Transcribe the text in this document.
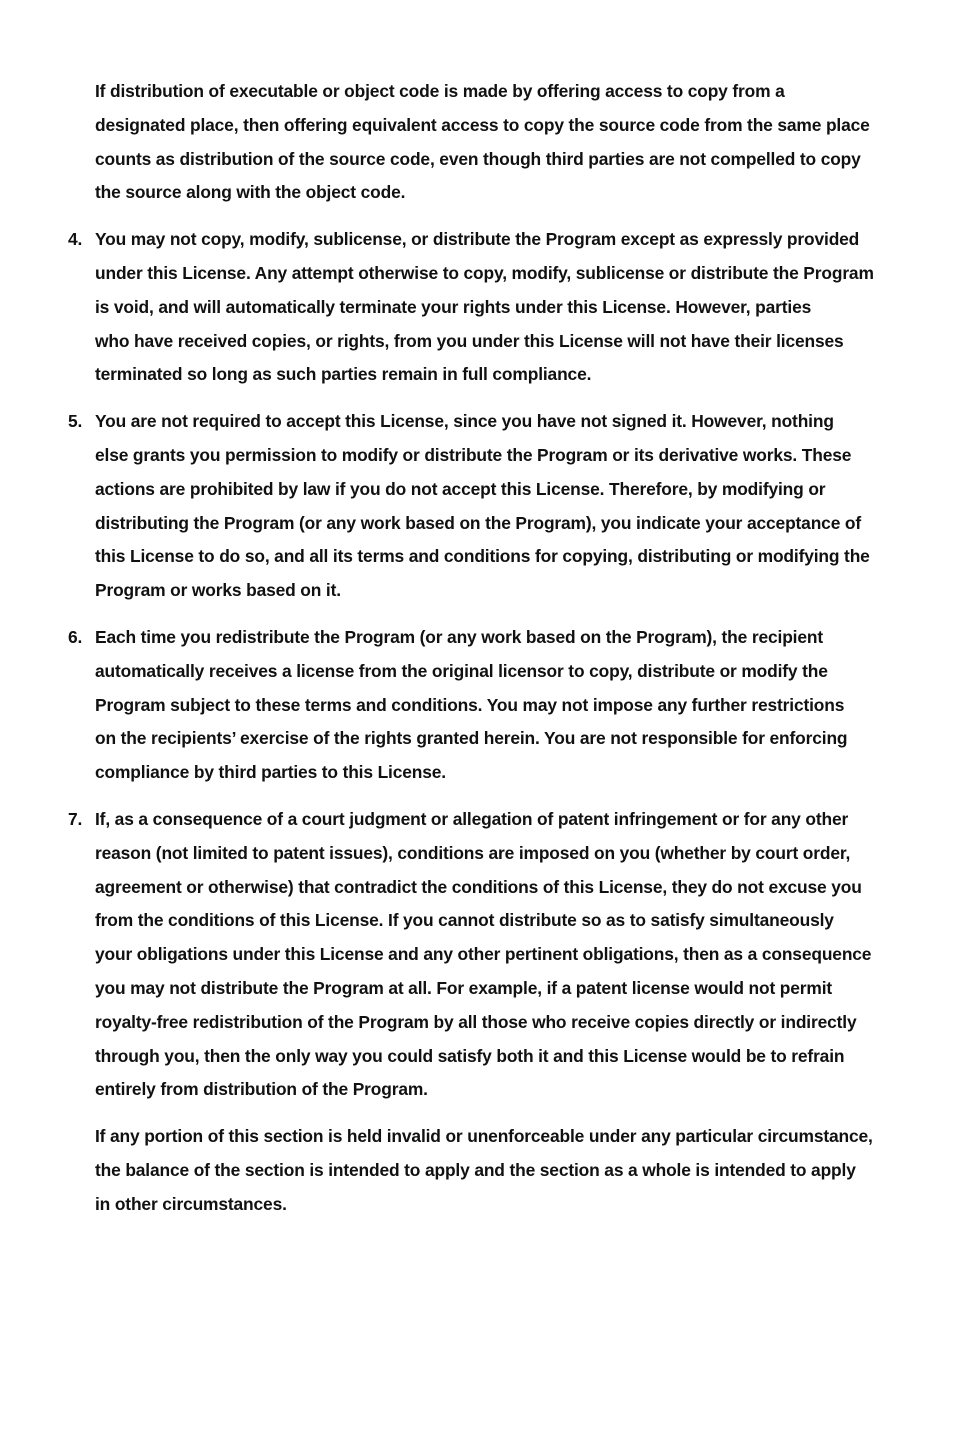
If distribution of executable or object code is made by offering access to copy from a
designated place, then offering equivalent access to copy the source code from the same place
counts as distribution of the source code, even though third parties are not compelled to copy
the source along with the object code.

4. You may not copy, modify, sublicense, or distribute the Program except as expressly provided
under this License. Any attempt otherwise to copy, modify, sublicense or distribute the Program
is void, and will automatically terminate your rights under this License. However, parties
who have received copies, or rights, from you under this License will not have their licenses
terminated so long as such parties remain in full compliance.

5. You are not required to accept this License, since you have not signed it. However, nothing
else grants you permission to modify or distribute the Program or its derivative works. These
actions are prohibited by law if you do not accept this License. Therefore, by modifying or
distributing the Program (or any work based on the Program), you indicate your acceptance of
this License to do so, and all its terms and conditions for copying, distributing or modifying the
Program or works based on it.

6. Each time you redistribute the Program (or any work based on the Program), the recipient
automatically receives a license from the original licensor to copy, distribute or modify the
Program subject to these terms and conditions. You may not impose any further restrictions
on the recipients’ exercise of the rights granted herein. You are not responsible for enforcing
compliance by third parties to this License.

7. If, as a consequence of a court judgment or allegation of patent infringement or for any other
reason (not limited to patent issues), conditions are imposed on you (whether by court order,
agreement or otherwise) that contradict the conditions of this License, they do not excuse you
from the conditions of this License. If you cannot distribute so as to satisfy simultaneously
your obligations under this License and any other pertinent obligations, then as a consequence
you may not distribute the Program at all. For example, if a patent license would not permit
royalty-free redistribution of the Program by all those who receive copies directly or indirectly
through you, then the only way you could satisfy both it and this License would be to refrain
entirely from distribution of the Program.

If any portion of this section is held invalid or unenforceable under any particular circumstance,
the balance of the section is intended to apply and the section as a whole is intended to apply
in other circumstances.
